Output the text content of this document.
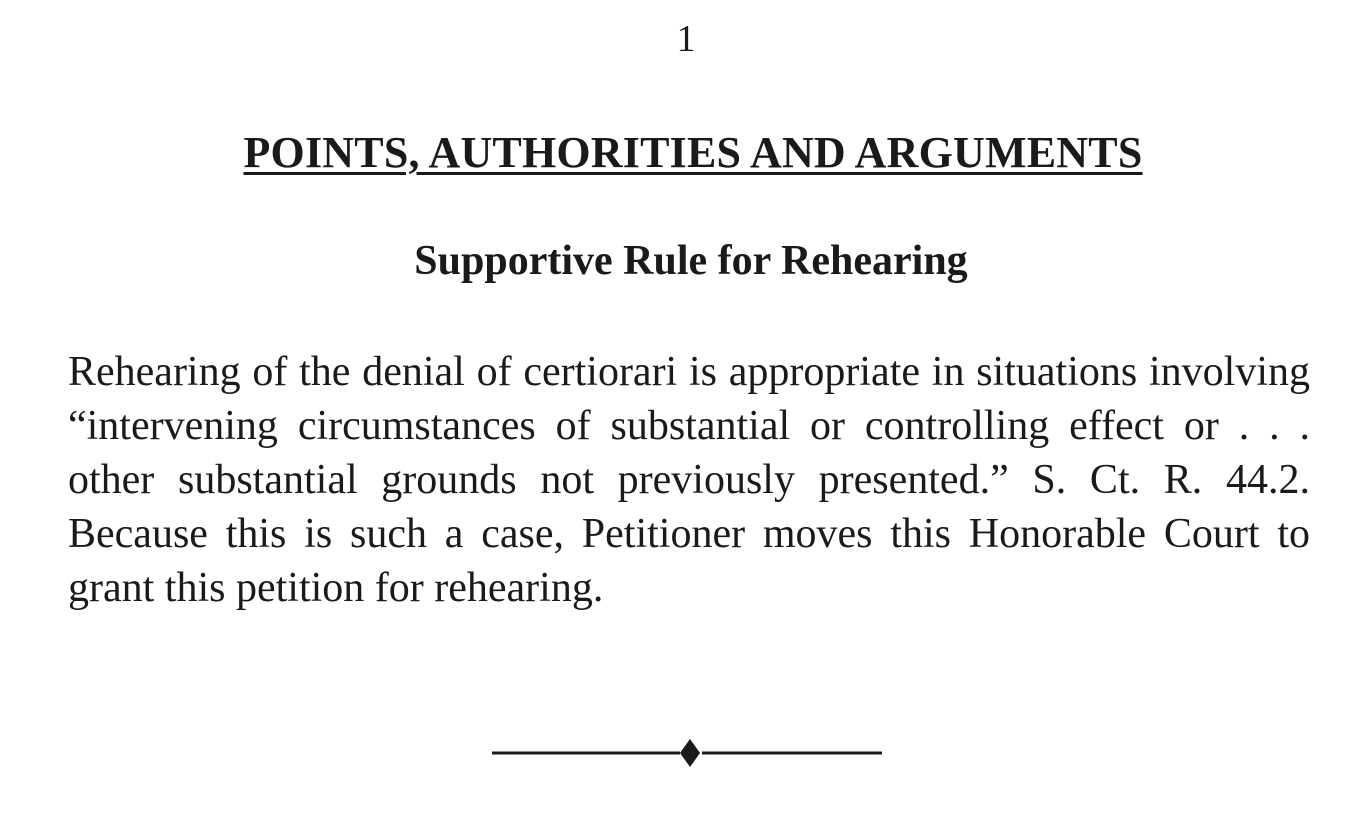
1
POINTS, AUTHORITIES AND ARGUMENTS
Supportive Rule for Rehearing

Rehearing of the denial of certiorari is appropriate in situations involving “intervening circumstances of substantial or controlling effect or . . . other substantial grounds not previously presented.” S. Ct. R. 44.2. Because this is such a case, Petitioner moves this Honorable Court to grant this petition for rehearing.
